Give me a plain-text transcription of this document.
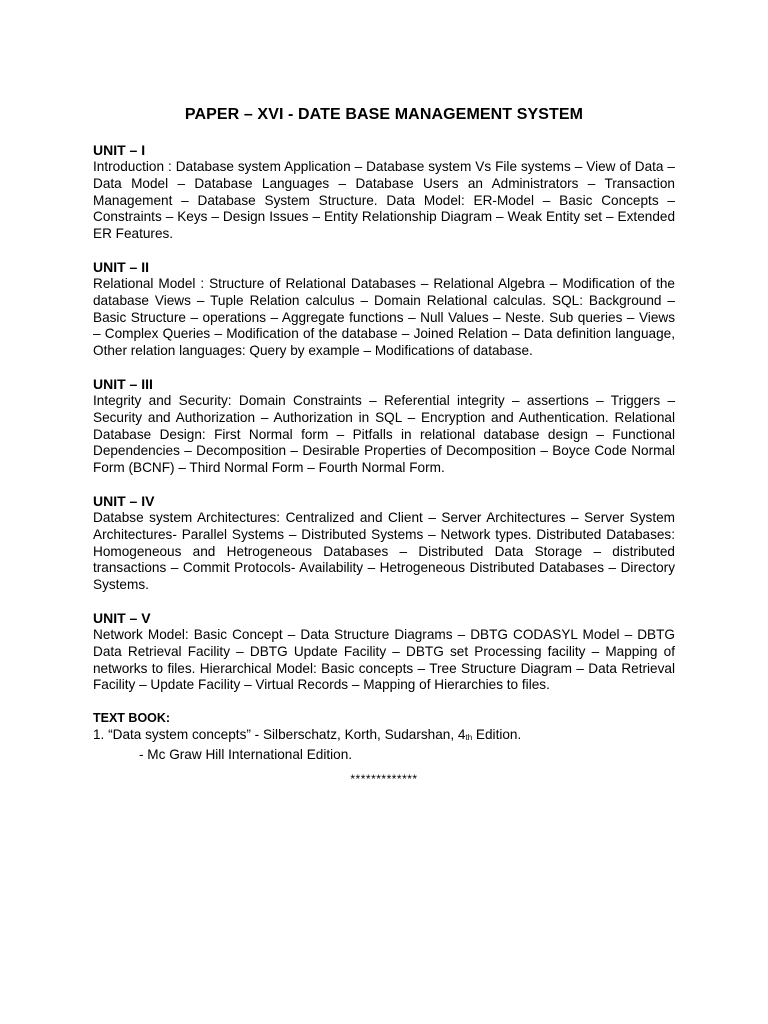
PAPER – XVI - DATE BASE MANAGEMENT SYSTEM
UNIT – I
Introduction : Database system Application – Database system Vs File systems – View of Data – Data Model – Database Languages – Database Users an Administrators – Transaction Management – Database System Structure. Data Model: ER-Model – Basic Concepts – Constraints – Keys – Design Issues – Entity Relationship Diagram – Weak Entity set – Extended ER Features.
UNIT – II
Relational Model : Structure of Relational Databases – Relational Algebra – Modification of the database Views – Tuple Relation calculus – Domain Relational calculas. SQL: Background – Basic Structure – operations – Aggregate functions – Null Values – Neste. Sub queries – Views – Complex Queries – Modification of the database – Joined Relation – Data definition language, Other relation languages: Query by example – Modifications of database.
UNIT – III
Integrity and Security: Domain Constraints – Referential integrity – assertions – Triggers – Security and Authorization – Authorization in SQL – Encryption and Authentication. Relational Database Design: First Normal form – Pitfalls in relational database design – Functional Dependencies – Decomposition – Desirable Properties of Decomposition – Boyce Code Normal Form (BCNF) – Third Normal Form – Fourth Normal Form.
UNIT – IV
Databse system Architectures: Centralized and Client – Server Architectures – Server System Architectures- Parallel Systems – Distributed Systems – Network types. Distributed Databases: Homogeneous and Hetrogeneous Databases – Distributed Data Storage – distributed transactions – Commit Protocols- Availability – Hetrogeneous Distributed Databases – Directory Systems.
UNIT – V
Network Model: Basic Concept – Data Structure Diagrams – DBTG CODASYL Model – DBTG Data Retrieval Facility – DBTG Update Facility – DBTG set Processing facility – Mapping of networks to files. Hierarchical Model: Basic concepts – Tree Structure Diagram – Data Retrieval Facility – Update Facility – Virtual Records – Mapping of Hierarchies to files.
TEXT BOOK:
1. “Data system concepts” - Silberschatz, Korth, Sudarshan, $4_{th}$ Edition.
- Mc Graw Hill International Edition.
*************
